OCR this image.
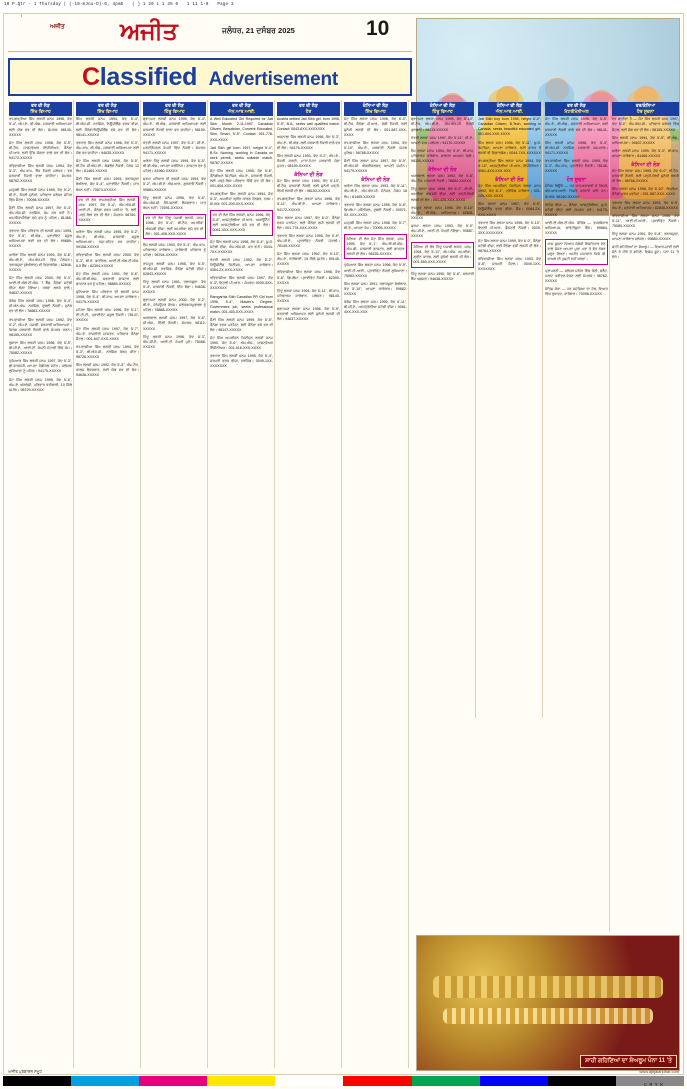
10 P.Qtr - 1 Thursday | (-10-mJnu-D)-0, 4pm5 ( ) 1 20 1 1 35 0 1 11 1-0 Page 3
l
ਅਜੀਤ ਅਜੀਤ	ਜਲੰਧਰ, 21 ਦਸੰਬਰ 2025	10
Classified Advertisement
ਵਰ ਦੀ ਲੋੜ
ਸਿੱਖ ਵਿਆਹ
ਰਾਮਗੜ੍ਹੀਆ ਸਿੱਖ ਲੜਕੀ ਜਨਮ 1996, ਕੱਦ 5'-4", ਐਮ.ਏ., ਬੀ.ਐਡ., ਸਰਕਾਰੀ ਅਧਿਆਪਕਾ ਲਈ ਯੋਗ ਵਰ ਦੀ ਲੋੜ। ਸੰਪਰਕ: 98140-XXXXX
ਜੱਟ ਸਿੱਖ ਲੜਕੀ ਜਨਮ 1998, ਕੱਦ 5'-5", ਬੀ.ਟੈਕ, ਸਾਫ਼ਟਵੇਅਰ ਇੰਜੀਨੀਅਰ, ਕੈਨੇਡਾ ਪੀ.ਆਰ. ਲਈ ਉੱਚ ਯੋਗਤਾ ਵਾਲੇ ਵਰ ਦੀ ਲੋੜ। 94172-XXXXX
ਰਵਿਦਾਸੀਆ ਸਿੱਖ ਲੜਕੀ ਜਨਮ 1994, ਕੱਦ 5'-3", ਐਮ.ਕਾਮ, ਬੈਂਕ ਨੌਕਰੀ ਜਲੰਧਰ। ਵਰ ਸਰਕਾਰੀ ਨੌਕਰੀ ਵਾਲਾ ਚਾਹੀਦਾ। ਸੰਪਰਕ: 98762-XXXXX
ਮਜ਼੍ਹਬੀ ਸਿੱਖ ਲੜਕੀ ਜਨਮ 1999, ਕੱਦ 5'-2", ਬੀ.ਏ., ਸੋਹਣੀ ਸੁਨੱਖੀ, ਪਰਿਵਾਰ ਜਲੰਧਰ ਸ਼ਹਿਰ ਵਿੱਚ ਸੈਟਲ। 70098-XXXXX
ਸੈਣੀ ਸਿੱਖ ਲੜਕੀ ਜਨਮ 1997, ਕੱਦ 5'-4", ਐਮ.ਐਸ.ਸੀ. ਨਰਸਿੰਗ, ਕੰਮ ਕਰ ਰਹੀ ਹੈ। ਅਮਰੀਕਾ/ਕੈਨੇਡਾ ਵਸੇ ਵਰ ਨੂੰ ਪਹਿਲ। 81465-XXXXX
ਤਰਖਾਣ ਸਿੱਖ ਪਰਿਵਾਰ ਦੀ ਲੜਕੀ ਜਨਮ 1995, ਕੱਦ 5'-5", ਬੀ.ਐਡ., ਪ੍ਰਾਈਵੇਟ ਸਕੂਲ ਅਧਿਆਪਕਾ ਲਈ ਵਰ ਦੀ ਲੋੜ। 99889-XXXXX
ਆਰੋੜਾ ਸਿੱਖ ਲੜਕੀ ਜਨਮ 1993, ਕੱਦ 5'-6", ਐਮ.ਬੀ.ਏ., ਐਮ.ਐਨ.ਸੀ. ਵਿੱਚ ਮੈਨੇਜਰ। ਤਲਾਕਸ਼ੁਦਾ (ਬੇਔਲਾਦ) ਵੀ ਵਿਚਾਰਯੋਗ। 62846-XXXXX
ਜੱਟ ਸਿੱਖ ਲੜਕੀ ਜਨਮ 2000, ਕੱਦ 5'-3", ਆਈ.ਈ.ਐਲ.ਟੀ.ਐਸ. 7 ਬੈਂਡ, ਕੈਨੇਡਾ ਸਟੱਡੀ ਵੀਜ਼ਾ ਲੱਗਾ ਹੋਇਆ। ਖਰਚਾ ਲੜਕੇ ਵਾਲੇ। 94637-XXXXX
ਕੰਬੋਜ ਸਿੱਖ ਲੜਕੀ ਜਨਮ 1996, ਕੱਦ 5'-4", ਜੀ.ਐਨ.ਐਮ. ਨਰਸਿੰਗ, ਦੁਬਈ ਨੌਕਰੀ। ਸੁਨੱਖੇ ਵਰ ਦੀ ਲੋੜ। 78883-XXXXX
ਰਾਮਦਾਸੀਆ ਸਿੱਖ ਲੜਕੀ ਜਨਮ 1992, ਕੱਦ 5'-2", ਐਮ.ਏ. ਪੰਜਾਬੀ, ਸਰਕਾਰੀ ਅਧਿਆਪਕਾ। ਸਿਰਫ਼ ਸਰਕਾਰੀ ਨੌਕਰੀ ਵਾਲੇ ਸੰਪਰਕ ਕਰਨ। 98155-XXXXX
ਲੁਬਾਣਾ ਸਿੱਖ ਲੜਕੀ ਜਨਮ 1998, ਕੱਦ 5'-5", ਬੀ.ਸੀ.ਏ., ਆਈ.ਟੀ. ਕੰਪਨੀ ਮੋਹਾਲੀ ਵਿੱਚ ਕੰਮ। 75082-XXXXX
ਘੁੰਮਿਆਰ ਸਿੱਖ ਲੜਕੀ ਜਨਮ 1997, ਕੱਦ 5'-3", ਡੀ.ਫਾਰਮੇਸੀ, ਆਪਣਾ ਮੈਡੀਕਲ ਸਟੋਰ। ਜਲੰਧਰ/ਲੁਧਿਆਣਾ ਨੂੰ ਪਹਿਲ। 94170-XXXXX
ਜੱਟ ਸਿੱਖ ਲੜਕੀ ਜਨਮ 1995, ਕੱਦ 5'-6", ਐਮ.ਏ. ਅੰਗਰੇਜ਼ੀ, ਪਰਿਵਾਰ ਖੇਤੀਬਾੜੀ, 10 ਕਿੱਲੇ ਜ਼ਮੀਨ। 98729-XXXXX
ਵਰ ਦੀ ਲੋੜ
ਸਿੱਖ ਵਿਆਹ
ਸਿੱਖ ਲੜਕੀ ਜਨਮ 1994, ਕੱਦ 5'-4", ਬੀ.ਐਸ.ਸੀ. ਨਰਸਿੰਗ, ਨਿਊਜ਼ੀਲੈਂਡ ਵਰਕ ਵੀਜ਼ਾ, ਲਈ ਕੈਨੇਡਾ/ਨਿਊਜ਼ੀਲੈਂਡ ਵਸੇ ਵਰ ਦੀ ਲੋੜ। 98141-XXXXX
ਤਰਖਾਣ ਸਿੱਖ ਲੜਕੀ ਜਨਮ 1996, ਕੱਦ 5'-3", ਐਮ.ਕਾਮ, ਬੀ.ਐਡ., ਸਰਕਾਰੀ ਅਧਿਆਪਕਾ ਲਈ ਯੋਗ ਵਰ ਚਾਹੀਦਾ। 94635-XXXXX
ਜੱਟ ਸਿੱਖ ਲੜਕੀ ਜਨਮ 1999, ਕੱਦ 5'-5", ਬੀ.ਟੈਕ ਸੀ.ਐਸ.ਈ., ਬੰਗਲੌਰ ਨੌਕਰੀ, ਪੈਕੇਜ 12 ਲੱਖ। 81464-XXXXX
ਸੈਣੀ ਸਿੱਖ ਲੜਕੀ ਜਨਮ 1993, ਤਲਾਕਸ਼ੁਦਾ ਬੇਔਲਾਦ, ਕੱਦ 5'-4", ਪ੍ਰਾਈਵੇਟ ਨੌਕਰੀ। ਜਾਤ ਬੰਧਨ ਨਹੀਂ। 70873-XXXXX
ਵਰ ਦੀ ਲੋੜ ਰਾਮਗੜ੍ਹੀਆ ਸਿੱਖ ਲੜਕੀ, ਜਨਮ 1997, ਕੱਦ 5'-4", ਐਮ.ਐਸ.ਸੀ. ਆਈ.ਟੀ., ਕੈਨੇਡਾ ਵਰਕ ਪਰਮਿਟ 'ਤੇ, ਲਈ ਪੜ੍ਹੇ-ਲਿਖੇ ਵਰ ਦੀ ਲੋੜ। ਸੰਪਰਕ: 98760-XXXXX
ਅਰੋੜਾ ਸਿੱਖ ਲੜਕੀ ਜਨਮ 1995, ਕੱਦ 5'-2", ਐਮ.ਏ., ਬੀ.ਐਡ., ਸਰਕਾਰੀ ਸਕੂਲ ਅਧਿਆਪਕਾ। ਨਸ਼ਾ-ਰਹਿਤ ਵਰ ਚਾਹੀਦਾ। 99158-XXXXX
ਰਵਿਦਾਸੀਆ ਸਿੱਖ ਲੜਕੀ ਜਨਮ 2000, ਕੱਦ 5'-3", ਬੀ.ਏ. ਫਾਈਨਲ, ਆਈ.ਈ.ਐਲ.ਟੀ.ਐਸ. 6.5 ਬੈਂਡ। 62394-XXXXX
ਜੱਟ ਸਿੱਖ ਲੜਕੀ ਜਨਮ 1991, ਕੱਦ 5'-6", ਐਮ.ਬੀ.ਬੀ.ਐਸ., ਸਰਕਾਰੀ ਡਾਕਟਰ ਲਈ ਡਾਕਟਰ ਵਰ ਨੂੰ ਪਹਿਲ। 98884-XXXXX
ਸੁਨਿਆਰਾ ਸਿੱਖ ਪਰਿਵਾਰ ਦੀ ਲੜਕੀ ਜਨਮ 1998, ਕੱਦ 5'-4", ਬੀ.ਕਾਮ, ਆਪਣਾ ਕਾਰੋਬਾਰ। 94175-XXXXX
ਮਹਿਰਾ ਸਿੱਖ ਲੜਕੀ ਜਨਮ 1996, ਕੱਦ 5'-1", ਈ.ਟੀ.ਟੀ., ਪ੍ਰਾਈਵੇਟ ਸਕੂਲ ਨੌਕਰੀ। 78147-XXXXX
ਜੱਟ ਸਿੱਖ ਲੜਕੀ ਜਨਮ 1997, ਕੱਦ 5'-7", ਐਮ.ਏ. ਰਾਜਨੀਤੀ ਸ਼ਾਸਤਰ, ਪਰਿਵਾਰ ਕੈਨੇਡਾ ਸੈਟਲ। 001-647-XXX-XXXX
ਰਾਮਦਾਸੀਆ ਸਿੱਖ ਲੜਕੀ ਜਨਮ 1994, ਕੱਦ 5'-3", ਬੀ.ਐਸ.ਸੀ., ਨਰਸਿੰਗ ਕੋਰਸ ਕੀਤਾ। 98726-XXXXX
ਸਿੱਖ ਲੜਕੀ ਜਨਮ 1992, ਕੱਦ 5'-5", ਐਮ.ਟੈਕ, ਕਾਲਜ ਲੈਕਚਰਾਰ, ਲਈ ਯੋਗ ਵਰ ਦੀ ਲੋੜ। 94648-XXXXX
ਵਰ ਦੀ ਲੋੜ
ਹਿੰਦੂ ਵਿਆਹ
ਬ੍ਰਾਹਮਣ ਲੜਕੀ ਜਨਮ 1995, ਕੱਦ 5'-4", ਐਮ.ਏ., ਬੀ.ਐਡ., ਸਰਕਾਰੀ ਅਧਿਆਪਕਾ ਲਈ ਸਰਕਾਰੀ ਨੌਕਰੀ ਵਾਲਾ ਵਰ ਚਾਹੀਦਾ। 98150-XXXXX
ਖੱਤਰੀ ਲੜਕੀ ਜਨਮ 1997, ਕੱਦ 5'-3", ਸੀ.ਏ., ਮਲਟੀਨੈਸ਼ਨਲ ਕੰਪਨੀ ਵਿੱਚ ਨੌਕਰੀ। ਸੰਪਰਕ: 94171-XXXXX
ਅਰੋੜਾ ਹਿੰਦੂ ਲੜਕੀ ਜਨਮ 1999, ਕੱਦ 5'-5", ਬੀ.ਡੀ.ਐਸ., ਆਪਣਾ ਕਲੀਨਿਕ। ਡਾਕਟਰ ਵਰ ਨੂੰ ਪਹਿਲ। 81960-XXXXX
ਸ਼ਰਮਾ ਪਰਿਵਾਰ ਦੀ ਲੜਕੀ ਜਨਮ 1994, ਕੱਦ 5'-2", ਐਮ.ਬੀ.ਏ. ਐਚ.ਆਰ., ਗੁੜਗਾਓਂ ਨੌਕਰੀ। 99881-XXXXX
ਹਿੰਦੂ ਲੜਕੀ ਜਨਮ 1996, ਕੱਦ 5'-6", ਐਮ.ਐਸ.ਸੀ. ਕੈਮਿਸਟਰੀ, ਲੈਕਚਰਾਰ। ਜਾਤ ਬੰਧਨ ਨਹੀਂ। 70091-XXXXX
ਵਰ ਦੀ ਲੋੜ ਹਿੰਦੂ ਪੰਜਾਬੀ ਲੜਕੀ, ਜਨਮ 1998, ਕੱਦ 5'-4", ਬੀ.ਟੈਕ, ਅਮਰੀਕਾ ਐਚ1ਬੀ ਵੀਜ਼ਾ, ਲਈ ਅਮਰੀਕਾ ਵਸੇ ਵਰ ਦੀ ਲੋੜ। 001-408-XXX-XXXX
ਵੈਸ਼ ਲੜਕੀ ਜਨਮ 1993, ਕੱਦ 5'-3", ਐਮ.ਕਾਮ, ਪਰਿਵਾਰਕ ਕਾਰੋਬਾਰ। ਕਾਰੋਬਾਰੀ ਪਰਿਵਾਰ ਨੂੰ ਪਹਿਲ। 98764-XXXXX
ਰਾਜਪੂਤ ਲੜਕੀ ਜਨਮ 1995, ਕੱਦ 5'-5", ਬੀ.ਐਸ.ਸੀ. ਨਰਸਿੰਗ, ਕੈਨੇਡਾ ਸਟੱਡੀ ਵੀਜ਼ਾ। 62843-XXXXX
ਹਿੰਦੂ ਲੜਕੀ ਜਨਮ 1991, ਤਲਾਕਸ਼ੁਦਾ, ਕੱਦ 5'-4", ਸਰਕਾਰੀ ਨੌਕਰੀ, ਇੱਕ ਬੱਚਾ। 94638-XXXXX
ਬ੍ਰਾਹਮਣ ਲੜਕੀ ਜਨਮ 2000, ਕੱਦ 5'-2", ਬੀ.ਏ., ਕੰਪਿਊਟਰ ਕੋਰਸ। ਜਲੰਧਰ/ਕਪੂਰਥਲਾ ਨੂੰ ਪਹਿਲ। 78888-XXXXX
ਅਗਰਵਾਲ ਲੜਕੀ ਜਨਮ 1997, ਕੱਦ 5'-6", ਸੀ.ਐਸ., ਦਿੱਲੀ ਨੌਕਰੀ। ਸੰਪਰਕ: 98112-XXXXX
ਹਿੰਦੂ ਲੜਕੀ ਜਨਮ 1996, ਕੱਦ 5'-3", ਐਮ.ਸੀ.ਏ., ਆਈ.ਟੀ. ਕੰਪਨੀ ਪੁਣੇ। 75086-XXXXX
ਵਰ ਦੀ ਲੋੜ
ਐਨ.ਆਰ.ਆਈ.
A Well Educated Girl Required for Jatt Sikh Month 2-11-1997 Canadian Citizen, Beautician, Convent Educated, Slim, Smart, 5'-5". Contact: 001-778-XXX-XXXX
Jatt Sikh girl born 1997, height 5'-4", B.Sc. Nursing, working in Canada on work permit, seeks suitable match. 98767-XXXXX
ਜੱਟ ਸਿੱਖ ਲੜਕੀ ਜਨਮ 1995, ਕੱਦ 5'-6", ਕੈਨੇਡੀਅਨ ਸਿਟੀਜ਼ਨ, ਐਮ.ਏ., ਸਰਕਾਰੀ ਨੌਕਰੀ, ਲਈ ਪੜ੍ਹੇ-ਲਿਖੇ ਪਰਿਵਾਰ ਵਿੱਚੋਂ ਵਰ ਦੀ ਲੋੜ। 001-604-XXX-XXXX
ਰਾਮਗੜ੍ਹੀਆ ਸਿੱਖ ਲੜਕੀ ਜਨਮ 1994, ਕੱਦ 5'-3", ਅਮਰੀਕਾ ਗ੍ਰੀਨ ਕਾਰਡ ਹੋਲਡਰ, ਨਰਸ। ਸੰਪਰਕ: 001-209-XXX-XXXX
ਵਰ ਦੀ ਲੋੜ ਸਿੱਖ ਲੜਕੀ, ਜਨਮ 1996, ਕੱਦ 5'-5", ਆਸਟ੍ਰੇਲੀਆ ਪੀ.ਆਰ., ਅਕਾਊਂਟੈਂਟ, ਲਈ ਆਸਟ੍ਰੇਲੀਆ ਵਸੇ ਵਰ ਦੀ ਲੋੜ। 0061-4XX-XXX-XXX
ਜੱਟ ਸਿੱਖ ਲੜਕੀ ਜਨਮ 1998, ਕੱਦ 5'-4", ਯੂ.ਕੇ. ਸਟੱਡੀ ਵੀਜ਼ਾ, ਐਮ.ਐਸ.ਸੀ. ਕਰ ਰਹੀ। 0044-7XX-XXXXXX
ਖੱਤਰੀ ਲੜਕੀ ਜਨਮ 1992, ਕੱਦ 5'-2", ਨਿਊਜ਼ੀਲੈਂਡ ਸਿਟੀਜ਼ਨ, ਆਪਣਾ ਕਾਰੋਬਾਰ। 0064-2X-XXX-XXXX
ਰਵਿਦਾਸੀਆ ਸਿੱਖ ਲੜਕੀ ਜਨਮ 1997, ਕੱਦ 5'-3", ਇਟਲੀ ਪੀ.ਆਰ.। ਸੰਪਰਕ: 0039-3XX-XXXXXXX
Ramgarhia Sikh Canadian PR Girl born 1996, 5'-4", Master's Degree, Government job, seeks professional match. 001-403-XXX-XXXX
ਸੈਣੀ ਸਿੱਖ ਲੜਕੀ ਜਨਮ 1999, ਕੱਦ 5'-5", ਕੈਨੇਡਾ ਵਰਕ ਪਰਮਿਟ, ਲਈ ਕੈਨੇਡਾ ਵਸੇ ਵਰ ਦੀ ਲੋੜ। 98147-XXXXX
ਜੱਟ ਸਿੱਖ ਅਮਰੀਕਨ ਸਿਟੀਜ਼ਨ ਲੜਕੀ ਜਨਮ 1990, ਕੱਦ 5'-6", ਐਮ.ਐਸ., ਸਾਫ਼ਟਵੇਅਰ ਇੰਜੀਨੀਅਰ। 001-916-XXX-XXXX
ਤਰਖਾਣ ਸਿੱਖ ਲੜਕੀ ਜਨਮ 1995, ਕੱਦ 5'-4", ਜਰਮਨੀ ਵਰਕ ਵੀਜ਼ਾ, ਨਰਸਿੰਗ। 0049-1XX-XXXXXXX
ਵਰ ਦੀ ਲੋੜ
ਹੋਰ
Austria settled Jatt Sikh girl, born 1996, 5'-5", B.A., seeks well qualified match. Contact: 0043-6XX-XXXXXXX
ਅਜਨਾਲਾ ਸਿੱਖ ਲੜਕੀ ਜਨਮ 1996, ਕੱਦ 5'-3", ਐਮ.ਏ., ਬੀ.ਐਡ. ਲਈ ਸਰਕਾਰੀ ਨੌਕਰੀ ਵਾਲੇ ਵਰ ਦੀ ਲੋੜ। 94176-XXXXX
ਸਿੱਖ ਲੜਕੀ ਜਨਮ 1993, ਕੱਦ 5'-2", ਐਮ.ਏ., ਨੌਕਰੀ ਕਰਦੀ, ਮਾਤਾ-ਪਿਤਾ ਸਰਕਾਰੀ ਸੇਵਾ ਮੁਕਤ। 98159-XXXXX
ਕੰਨਿਆ ਦੀ ਲੋੜ
ਜੱਟ ਸਿੱਖ ਲੜਕਾ ਜਨਮ 1994, ਕੱਦ 5'-10", ਬੀ.ਟੈਕ, ਸਰਕਾਰੀ ਨੌਕਰੀ, ਲਈ ਸੁਨੱਖੀ ਪੜ੍ਹੀ-ਲਿਖੀ ਲੜਕੀ ਦੀ ਲੋੜ। 98153-XXXXX
ਰਾਮਗੜ੍ਹੀਆ ਸਿੱਖ ਲੜਕਾ ਜਨਮ 1996, ਕੱਦ 5'-11", ਐਮ.ਬੀ.ਏ., ਆਪਣਾ ਕਾਰੋਬਾਰ। 94172-XXXXX
ਸਿੱਖ ਲੜਕਾ ਜਨਮ 1997, ਕੱਦ 6'-0", ਕੈਨੇਡਾ ਵਰਕ ਪਰਮਿਟ, ਲਈ ਕੈਨੇਡਾ ਵਸੀ ਲੜਕੀ ਦੀ ਲੋੜ। 001-778-XXX-XXXX
ਤਰਖਾਣ ਸਿੱਖ ਲੜਕਾ ਜਨਮ 1995, ਕੱਦ 5'-9", ਐਮ.ਸੀ.ਏ., ਪ੍ਰਾਈਵੇਟ ਨੌਕਰੀ ਮੋਹਾਲੀ। 78149-XXXXX
ਜੱਟ ਸਿੱਖ ਲੜਕਾ ਜਨਮ 1992, ਕੱਦ 5'-10", ਐਮ.ਏ., ਖੇਤੀਬਾੜੀ, 15 ਕਿੱਲੇ ਜ਼ਮੀਨ। 99145-XXXXX
ਰਵਿਦਾਸੀਆ ਸਿੱਖ ਲੜਕਾ ਜਨਮ 1998, ਕੱਦ 5'-8", ਡਿਪਲੋਮਾ, ਪ੍ਰਾਈਵੇਟ ਨੌਕਰੀ। 62390-XXXXX
ਹਿੰਦੂ ਲੜਕਾ ਜਨਮ 1994, ਕੱਦ 5'-11", ਬੀ.ਕਾਮ, ਪਰਿਵਾਰਕ ਕਾਰੋਬਾਰ, ਜਲੰਧਰ। 98140-XXXXX
ਬ੍ਰਾਹਮਣ ਲੜਕਾ ਜਨਮ 1996, ਕੱਦ 5'-9", ਸਰਕਾਰੀ ਅਧਿਆਪਕ ਲਈ ਸੁਨੱਖੀ ਲੜਕੀ ਦੀ ਲੋੜ। 94637-XXXXX
ਕੰਨਿਆ ਦੀ ਲੋੜ
ਸਿੱਖ ਵਿਆਹ
ਜੱਟ ਸਿੱਖ ਲੜਕਾ ਜਨਮ 1996, ਕੱਦ 6'-0", ਬੀ.ਟੈਕ, ਕੈਨੇਡਾ ਪੀ.ਆਰ., ਚੰਗੀ ਨੌਕਰੀ, ਲਈ ਸੁਨੱਖੀ ਲੜਕੀ ਦੀ ਲੋੜ। 001-587-XXX-XXXX
ਰਾਮਦਾਸੀਆ ਸਿੱਖ ਲੜਕਾ ਜਨਮ 1994, ਕੱਦ 5'-10", ਐਮ.ਏ., ਸਰਕਾਰੀ ਨੌਕਰੀ ਪੰਜਾਬ ਪੁਲਿਸ। 98768-XXXXX
ਸੈਣੀ ਸਿੱਖ ਲੜਕਾ ਜਨਮ 1997, ਕੱਦ 5'-9", ਬੀ.ਐਸ.ਸੀ. ਐਗਰੀਕਲਚਰ, ਆਪਣੀ ਜ਼ਮੀਨ। 94179-XXXXX
ਕੰਨਿਆ ਦੀ ਲੋੜ
ਅਰੋੜਾ ਸਿੱਖ ਲੜਕਾ ਜਨਮ 1993, ਕੱਦ 5'-11", ਐਮ.ਬੀ.ਏ., ਐਮ.ਐਨ.ਸੀ. ਮੈਨੇਜਰ, ਪੈਕੇਜ 18 ਲੱਖ। 81465-XXXXX
ਤਰਖਾਣ ਸਿੱਖ ਲੜਕਾ ਜਨਮ 1995, ਕੱਦ 5'-8", ਡਿਪਲੋਮਾ ਮਕੈਨੀਕਲ, ਦੁਬਈ ਨੌਕਰੀ। 00971-5X-XXX-XXXX
ਮਜ਼੍ਹਬੀ ਸਿੱਖ ਲੜਕਾ ਜਨਮ 1998, ਕੱਦ 5'-7", ਬੀ.ਏ., ਆਪਣਾ ਕੰਮ। 70095-XXXXX
ਕੰਨਿਆ ਦੀ ਲੋੜ ਜੱਟ ਸਿੱਖ ਲੜਕਾ, ਜਨਮ 1995, ਕੱਦ 6'-1", ਐਮ.ਬੀ.ਬੀ.ਐਸ., ਐਮ.ਡੀ., ਸਰਕਾਰੀ ਡਾਕਟਰ, ਲਈ ਡਾਕਟਰ ਲੜਕੀ ਦੀ ਲੋੜ। 98155-XXXXX
ਘੁੰਮਿਆਰ ਸਿੱਖ ਲੜਕਾ ਜਨਮ 1996, ਕੱਦ 5'-9", ਆਈ.ਟੀ.ਆਈ., ਪ੍ਰਾਈਵੇਟ ਨੌਕਰੀ ਲੁਧਿਆਣਾ। 75083-XXXXX
ਸਿੱਖ ਲੜਕਾ ਜਨਮ 1991, ਤਲਾਕਸ਼ੁਦਾ ਬੇਔਲਾਦ, ਕੱਦ 5'-10", ਆਪਣਾ ਕਾਰੋਬਾਰ। 99882-XXXXX
ਕੰਬੋਜ ਸਿੱਖ ਲੜਕਾ ਜਨਮ 1999, ਕੱਦ 5'-11", ਬੀ.ਸੀ.ਏ., ਆਸਟ੍ਰੇਲੀਆ ਸਟੱਡੀ ਵੀਜ਼ਾ। 0061-4XX-XXX-XXX
ਕੰਨਿਆ ਦੀ ਲੋੜ
ਹਿੰਦੂ ਵਿਆਹ
ਬ੍ਰਾਹਮਣ ਲੜਕਾ ਜਨਮ 1995, ਕੱਦ 5'-10", ਬੀ.ਟੈਕ, ਐਮ.ਬੀ.ਏ., ਐਮ.ਐਨ.ਸੀ. ਨੌਕਰੀ ਗੁੜਗਾਓਂ। 98113-XXXXX
ਖੱਤਰੀ ਲੜਕਾ ਜਨਮ 1997, ਕੱਦ 5'-11", ਸੀ.ਏ., ਆਪਣੀ ਫਰਮ ਜਲੰਧਰ। 94170-XXXXX
ਵੈਸ਼ ਲੜਕਾ ਜਨਮ 1994, ਕੱਦ 5'-9", ਬੀ.ਕਾਮ, ਪਰਿਵਾਰਕ ਕਾਰੋਬਾਰ, ਸਾਲਾਨਾ ਆਮਦਨ ਚੰਗੀ। 98150-XXXXX
ਕੰਨਿਆ ਦੀ ਲੋੜ
ਅਗਰਵਾਲ ਲੜਕਾ ਜਨਮ 1992, ਕੱਦ 5'-8", ਐਮ.ਟੈਕ, ਸਰਕਾਰੀ ਨੌਕਰੀ। 78884-XXXXX
ਹਿੰਦੂ ਲੜਕਾ ਜਨਮ 1998, ਕੱਦ 6'-0", ਬੀ.ਈ., ਅਮਰੀਕਾ ਐਚ1ਬੀ ਵੀਜ਼ਾ, ਲਈ ਪੜ੍ਹੀ-ਲਿਖੀ ਲੜਕੀ ਦੀ ਲੋੜ। 001-425-XXX-XXXX
ਰਾਜਪੂਤ ਲੜਕਾ ਜਨਮ 1996, ਕੱਦ 5'-10", ਐਮ.ਏ., ਬੀ.ਐਡ., ਅਧਿਆਪਕ। 62841-XXXXX
ਸ਼ਰਮਾ ਲੜਕਾ ਜਨਮ 1993, ਕੱਦ 5'-9", ਐਮ.ਸੀ.ਏ., ਆਈ.ਟੀ. ਕੰਪਨੀ ਨੋਇਡਾ। 99887-XXXXX
ਕੰਨਿਆ ਦੀ ਲੋੜ ਹਿੰਦੂ ਪੰਜਾਬੀ ਲੜਕਾ, ਜਨਮ 1994, ਕੱਦ 5'-11", ਐਮ.ਐਸ. ਅਮਰੀਕਾ, ਗ੍ਰੀਨ ਕਾਰਡ, ਲਈ ਸੁਨੱਖੀ ਲੜਕੀ ਦੀ ਲੋੜ। 001-650-XXX-XXXX
ਹਿੰਦੂ ਲੜਕਾ ਜਨਮ 1990, ਕੱਦ 5'-8", ਸਰਕਾਰੀ ਬੈਂਕ ਅਫ਼ਸਰ। 94638-XXXXX
ਕੰਨਿਆ ਦੀ ਲੋੜ
ਐਨ.ਆਰ.ਆਈ.
Jatt Sikh boy born 1995, height 6'-0", Canadian Citizen, B.Tech, working in Canada, seeks beautiful educated girl. 001-604-XXX-XXXX
ਸਿੱਖ ਲੜਕਾ ਜਨਮ 1996, ਕੱਦ 5'-11", ਯੂ.ਕੇ. ਸਿਟੀਜ਼ਨ, ਆਪਣਾ ਕਾਰੋਬਾਰ, ਲਈ ਭਾਰਤ ਤੋਂ ਲੜਕੀ ਵੀ ਵਿਚਾਰਯੋਗ। 0044-7XX-XXXXXX
ਰਾਮਗੜ੍ਹੀਆ ਸਿੱਖ ਲੜਕਾ ਜਨਮ 1994, ਕੱਦ 5'-10", ਆਸਟ੍ਰੇਲੀਆ ਪੀ.ਆਰ., ਇੰਜੀਨੀਅਰ। 0061-4XX-XXX-XXX
ਕੰਨਿਆ ਦੀ ਲੋੜ
ਜੱਟ ਸਿੱਖ ਅਮਰੀਕਨ ਸਿਟੀਜ਼ਨ ਲੜਕਾ ਜਨਮ 1992, ਕੱਦ 6'-1", ਟਰੱਕਿੰਗ ਕਾਰੋਬਾਰ। 001-209-XXX-XXXX
ਸਿੱਖ ਲੜਕਾ ਜਨਮ 1997, ਕੱਦ 5'-9", ਨਿਊਜ਼ੀਲੈਂਡ ਵਰਕ ਵੀਜ਼ਾ, ਸ਼ੈੱਫ। 0064-2X-XXX-XXXX
ਤਰਖਾਣ ਸਿੱਖ ਲੜਕਾ ਜਨਮ 1995, ਕੱਦ 5'-10", ਇਟਲੀ ਪੀ.ਆਰ., ਫੈਕਟਰੀ ਨੌਕਰੀ। 0039-3XX-XXXXXXX
ਜੱਟ ਸਿੱਖ ਲੜਕਾ ਜਨਮ 1999, ਕੱਦ 6'-0", ਕੈਨੇਡਾ ਸਟੱਡੀ ਵੀਜ਼ਾ, ਲਈ ਕੈਨੇਡਾ ਵਸੀ ਲੜਕੀ ਦੀ ਲੋੜ। 98764-XXXXX
ਰਵਿਦਾਸੀਆ ਸਿੱਖ ਲੜਕਾ ਜਨਮ 1993, ਕੱਦ 5'-8", ਜਰਮਨੀ ਸੈਟਲ। 0049-1XX-XXXXXXX
ਵਰ ਦੀ ਲੋੜ
ਮੈਟਰੀਮੋਨੀਅਲ
ਜੱਟ ਸਿੱਖ ਲੜਕੀ ਜਨਮ 1996, ਕੱਦ 5'-5", ਐਮ.ਏ., ਬੀ.ਐਡ., ਸਰਕਾਰੀ ਅਧਿਆਪਕਾ, ਲਈ ਸਰਕਾਰੀ ਨੌਕਰੀ ਵਾਲੇ ਵਰ ਦੀ ਲੋੜ। 98141-XXXXX
ਸਿੱਖ ਲੜਕੀ ਜਨਮ 1998, ਕੱਦ 5'-4", ਬੀ.ਐਸ.ਸੀ. ਨਰਸਿੰਗ, ਸਰਕਾਰੀ ਹਸਪਤਾਲ। 94171-XXXXX
ਰਾਮਦਾਸੀਆ ਸਿੱਖ ਲੜਕੀ ਜਨਮ 1995, ਕੱਦ 5'-3", ਐਮ.ਕਾਮ, ਪ੍ਰਾਈਵੇਟ ਨੌਕਰੀ। 78146-XXXXX
ਹੋਰ ਸੂਚਨਾ
ਮੈਰਿਜ ਬਿਊਰੋ — ਹਰ ਜਾਤ-ਬਰਾਦਰੀ ਦੇ ਰਿਸ਼ਤੇ, ਐਨ.ਆਰ.ਆਈ. ਰਿਸ਼ਤੇ ਕਰਵਾਏ ਜਾਂਦੇ ਹਨ। ਸੰਪਰਕ: 98150-XXXXX
ਵਿਦੇਸ਼ ਵੀਜ਼ਾ — ਕੈਨੇਡਾ, ਆਸਟ੍ਰੇਲੀਆ, ਯੂ.ਕੇ. ਸਟੱਡੀ ਵੀਜ਼ਾ ਲਈ ਸੰਪਰਕ ਕਰੋ। 94175-XXXXX
ਆਈ.ਈ.ਐਲ.ਟੀ.ਐਸ. ਕੋਚਿੰਗ — ਤਜਰਬੇਕਾਰ ਅਧਿਆਪਕ, ਗਾਰੰਟੀਸ਼ੁਦਾ ਬੈਂਡ। 99884-XXXXX
ਖ਼ਾਸ ਸੂਚਨਾ ਵਿਆਹ ਸੰਬੰਧੀ ਇਸ਼ਤਿਹਾਰ ਦੇਣ ਵਾਲੇ ਸੱਜਣ ਆਪਣਾ ਪੂਰਾ ਪਤਾ ਤੇ ਫ਼ੋਨ ਨੰਬਰ ਜ਼ਰੂਰ ਲਿਖਣ। ਅਜੀਤ ਸਮਾਚਾਰ ਕਿਸੇ ਵੀ ਦਾਅਵੇ ਦੀ ਪੁਸ਼ਟੀ ਨਹੀਂ ਕਰਦਾ।
ਪ੍ਰਾਪਰਟੀ — ਜਲੰਧਰ ਸ਼ਹਿਰ ਵਿੱਚ ਕੋਠੀ, ਫਲੈਟ, ਪਲਾਟ ਖਰੀਦਣ-ਵੇਚਣ ਲਈ ਸੰਪਰਕ। 98762-XXXXX
ਜੋਤਿਸ਼ ਸੇਵਾ — ਹਰ ਸਮੱਸਿਆ ਦਾ ਹੱਲ, ਵਿਆਹ ਵਿੱਚ ਰੁਕਾਵਟ, ਕਾਰੋਬਾਰ। 70098-XXXXX
ਵਰ/ਕੰਨਿਆ
ਹੋਰ ਸੂਚਨਾ
ਵਰ ਚਾਹੀਦਾ ਹੈ — ਜੱਟ ਸਿੱਖ ਲੜਕੀ ਜਨਮ 1997, ਕੱਦ 5'-4", ਐਮ.ਐਸ.ਸੀ., ਪਰਿਵਾਰ ਜਲੰਧਰ ਵਿੱਚ ਸੈਟਲ, ਲਈ ਯੋਗ ਵਰ ਦੀ ਲੋੜ। 98155-XXXXX
ਸਿੱਖ ਲੜਕੀ ਜਨਮ 1994, ਕੱਦ 5'-5", ਬੀ.ਐਡ., ਅਧਿਆਪਕਾ। 94637-XXXXX
ਅਰੋੜਾ ਲੜਕੀ ਜਨਮ 1999, ਕੱਦ 5'-3", ਬੀ.ਕਾਮ, ਆਪਣਾ ਕਾਰੋਬਾਰ। 81466-XXXXX
ਕੰਨਿਆ ਦੀ ਲੋੜ
ਜੱਟ ਸਿੱਖ ਲੜਕਾ ਜਨਮ 1995, ਕੱਦ 6'-0", ਬੀ.ਟੈਕ, ਸਰਕਾਰੀ ਨੌਕਰੀ, ਲਈ ਪੜ੍ਹੀ-ਲਿਖੀ ਸੁਨੱਖੀ ਲੜਕੀ ਦੀ ਲੋੜ। 98768-XXXXX
ਸਿੱਖ ਲੜਕਾ ਜਨਮ 1998, ਕੱਦ 5'-10", ਡਿਪਲੋਮਾ, ਕੈਨੇਡਾ ਵਰਕ ਪਰਮਿਟ। 001-587-XXX-XXXX
ਤਰਖਾਣ ਸਿੱਖ ਲੜਕਾ ਜਨਮ 1993, ਕੱਦ 5'-9", ਐਮ.ਏ., ਸਰਕਾਰੀ ਅਧਿਆਪਕ। 62845-XXXXX
ਰਵਿਦਾਸੀਆ ਸਿੱਖ ਲੜਕਾ ਜਨਮ 1996, ਕੱਦ 5'-11", ਆਈ.ਟੀ.ਆਈ., ਪ੍ਰਾਈਵੇਟ ਨੌਕਰੀ। 75089-XXXXX
ਹਿੰਦੂ ਲੜਕਾ ਜਨਮ 1991, ਕੱਦ 5'-8", ਤਲਾਕਸ਼ੁਦਾ, ਆਪਣਾ ਕਾਰੋਬਾਰ ਜਲੰਧਰ। 99889-XXXXX
ਸ਼ਾਹੀ ਗਹਿਣਿਆਂ ਦਾ ਸ਼ੋਅਰੂਮ — ਵਿਆਹ-ਸ਼ਾਦੀ ਲਈ ਸੋਨੇ ਤੇ ਹੀਰੇ ਦੇ ਗਹਿਣੇ, ਵਿਸ਼ੇਸ਼ ਛੂਟ। ਪੰਨਾ 11 'ਤੇ ਦੇਖੋ।
ਸ਼ਾਹੀ ਗਹਿਣਿਆਂ ਦਾ ਸ਼ੋਅਰੂਮ ਪੰਨਾ 11 'ਤੇ
ਅਜੀਤ ਪ੍ਰਕਾਸ਼ਨ ਸਮੂਹ	www.ajitjalandhar.com
C M Y K
